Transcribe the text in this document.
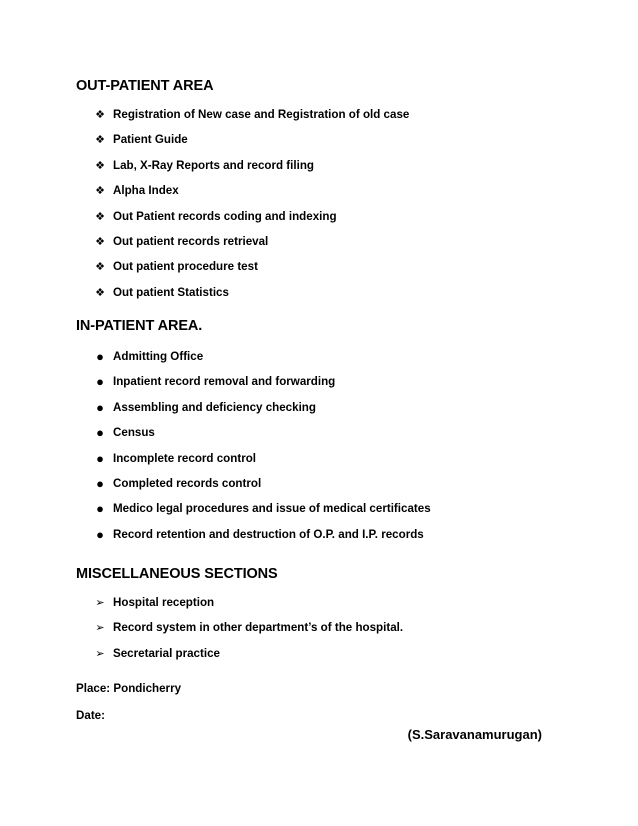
OUT-PATIENT AREA
❖ Registration of New case and Registration of old case
❖ Patient Guide
❖ Lab, X-Ray Reports and record filing
❖ Alpha Index
❖ Out Patient records coding and indexing
❖ Out patient records retrieval
❖ Out patient procedure test
❖ Out patient Statistics
IN-PATIENT AREA.
● Admitting Office
● Inpatient record removal and forwarding
● Assembling and deficiency checking
● Census
● Incomplete record control
● Completed records control
● Medico legal procedures and issue of medical certificates
● Record retention and destruction of O.P. and I.P. records
MISCELLANEOUS SECTIONS
➢ Hospital reception
➢ Record system in other department’s of the hospital.
➢ Secretarial practice
Place: Pondicherry
Date:
(S.Saravanamurugan)
